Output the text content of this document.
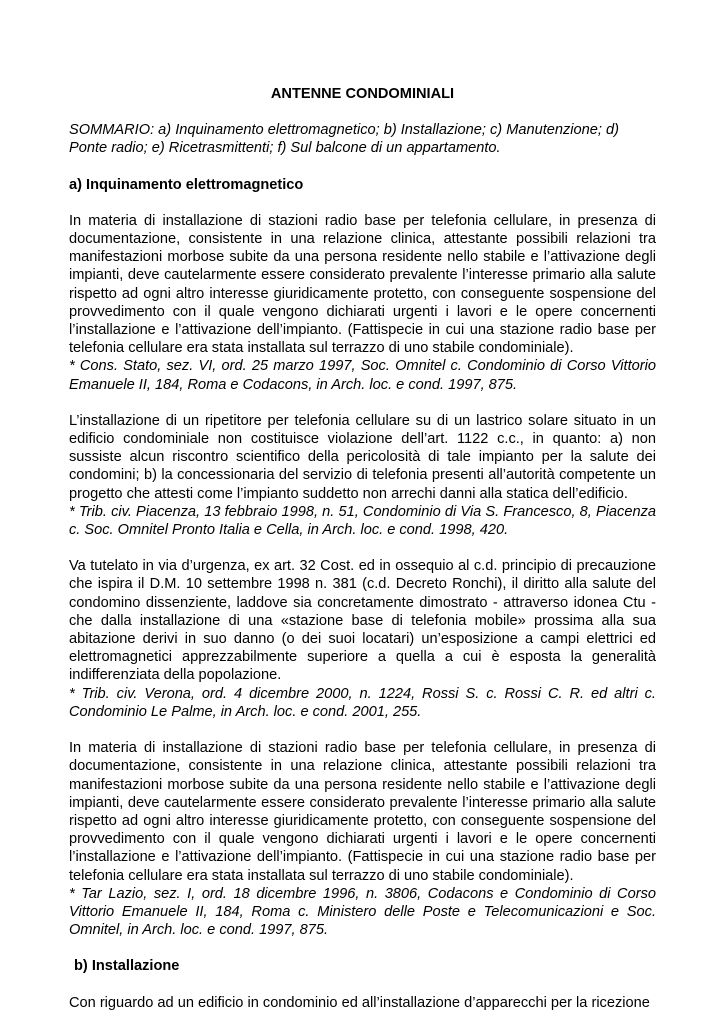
ANTENNE CONDOMINIALI

SOMMARIO: a) Inquinamento elettromagnetico; b) Installazione; c) Manutenzione; d) Ponte radio; e) Ricetrasmittenti; f) Sul balcone di un appartamento.

a) Inquinamento elettromagnetico

In materia di installazione di stazioni radio base per telefonia cellulare, in presenza di documentazione, consistente in una relazione clinica, attestante possibili relazioni tra manifestazioni morbose subite da una persona residente nello stabile e l’attivazione degli impianti, deve cautelarmente essere considerato prevalente l’interesse primario alla salute rispetto ad ogni altro interesse giuridicamente protetto, con conseguente sospensione del provvedimento con il quale vengono dichiarati urgenti i lavori e le opere concernenti l’installazione e l’attivazione dell’impianto. (Fattispecie in cui una stazione radio base per telefonia cellulare era stata installata sul terrazzo di uno stabile condominiale).

* Cons. Stato, sez. VI, ord. 25 marzo 1997, Soc. Omnitel c. Condominio di Corso Vittorio Emanuele II, 184, Roma e Codacons, in Arch. loc. e cond. 1997, 875.

L’installazione di un ripetitore per telefonia cellulare su di un lastrico solare situato in un edificio condominiale non costituisce violazione dell’art. 1122 c.c., in quanto: a) non sussiste alcun riscontro scientifico della pericolosità di tale impianto per la salute dei condomini; b) la concessionaria del servizio di telefonia presenti all’autorità competente un progetto che attesti come l’impianto suddetto non arrechi danni alla statica dell’edificio.

* Trib. civ. Piacenza, 13 febbraio 1998, n. 51, Condominio di Via S. Francesco, 8, Piacenza c. Soc. Omnitel Pronto Italia e Cella, in Arch. loc. e cond. 1998, 420.

Va tutelato in via d’urgenza, ex art. 32 Cost. ed in ossequio al c.d. principio di precauzione che ispira il D.M. 10 settembre 1998 n. 381 (c.d. Decreto Ronchi), il diritto alla salute del condomino dissenziente, laddove sia concretamente dimostrato - attraverso idonea Ctu - che dalla installazione di una «stazione base di telefonia mobile» prossima alla sua abitazione derivi in suo danno (o dei suoi locatari) un’esposizione a campi elettrici ed elettromagnetici apprezzabilmente superiore a quella a cui è esposta la generalità indifferenziata della popolazione.

* Trib. civ. Verona, ord. 4 dicembre 2000, n. 1224, Rossi S. c. Rossi C. R. ed altri c. Condominio Le Palme, in Arch. loc. e cond. 2001, 255.

In materia di installazione di stazioni radio base per telefonia cellulare, in presenza di documentazione, consistente in una relazione clinica, attestante possibili relazioni tra manifestazioni morbose subite da una persona residente nello stabile e l’attivazione degli impianti, deve cautelarmente essere considerato prevalente l’interesse primario alla salute rispetto ad ogni altro interesse giuridicamente protetto, con conseguente sospensione del provvedimento con il quale vengono dichiarati urgenti i lavori e le opere concernenti l’installazione e l’attivazione dell’impianto. (Fattispecie in cui una stazione radio base per telefonia cellulare era stata installata sul terrazzo di uno stabile condominiale).

* Tar Lazio, sez. I, ord. 18 dicembre 1996, n. 3806, Codacons e Condominio di Corso Vittorio Emanuele II, 184, Roma c. Ministero delle Poste e Telecomunicazioni e Soc. Omnitel, in Arch. loc. e cond. 1997, 875.

b) Installazione

Con riguardo ad un edificio in condominio ed all’installazione d’apparecchi per la ricezione
